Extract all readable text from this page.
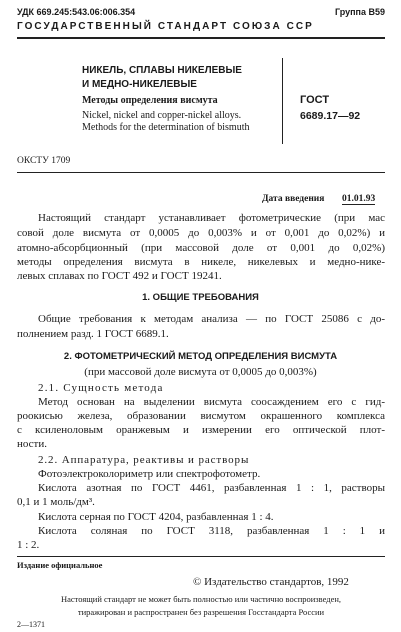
УДК 669.245:543.06:006.354	Группа B59
ГОСУДАРСТВЕННЫЙ СТАНДАРТ СОЮЗА ССР
НИКЕЛЬ, СПЛАВЫ НИКЕЛЕВЫЕ
И МЕДНО-НИКЕЛЕВЫЕ
Методы определения висмута
Nickel, nickel and copper-nickel alloys.
Methods for the determination of bismuth
ГОСТ
6689.17—92
ОКСТУ 1709
Дата введения 01.01.93
Настоящий стандарт устанавливает фотометрические (при мас
совой доле висмута от 0,0005 до 0,003% и от 0,001 до 0,02%) и
атомно-абсорбционный (при массовой доле от 0,001 до 0,02%)
методы определения висмута в никеле, никелевых и медно-нике-
левых сплавах по ГОСТ 492 и ГОСТ 19241.
1. ОБЩИЕ ТРЕБОВАНИЯ
Общие требования к методам анализа — по ГОСТ 25086 с до-
полнением разд. 1 ГОСТ 6689.1.
2. ФОТОМЕТРИЧЕСКИЙ МЕТОД ОПРЕДЕЛЕНИЯ ВИСМУТА
(при массовой доле висмута от 0,0005 до 0,003%)
2.1. Сущность метода
Метод основан на выделении висмута соосаждением его с гид-
роокисью железа, образовании висмутом окрашенного комплекса
с ксиленоловым оранжевым и измерении его оптической плот-
ности.
2.2. Аппаратура, реактивы и растворы
Фотоэлектроколориметр или спектрофотометр.
Кислота азотная по ГОСТ 4461, разбавленная 1 : 1, растворы
0,1 и 1 моль/дм³.
Кислота серная по ГОСТ 4204, разбавленная 1 : 4.
Кислота соляная по ГОСТ 3118, разбавленная 1 : 1 и
1 : 2.
Издание официальное
© Издательство стандартов, 1992
Настоящий стандарт не может быть полностью или частично воспроизведен,
тиражирован и распространен без разрешения Госстандарта России
2—1371
